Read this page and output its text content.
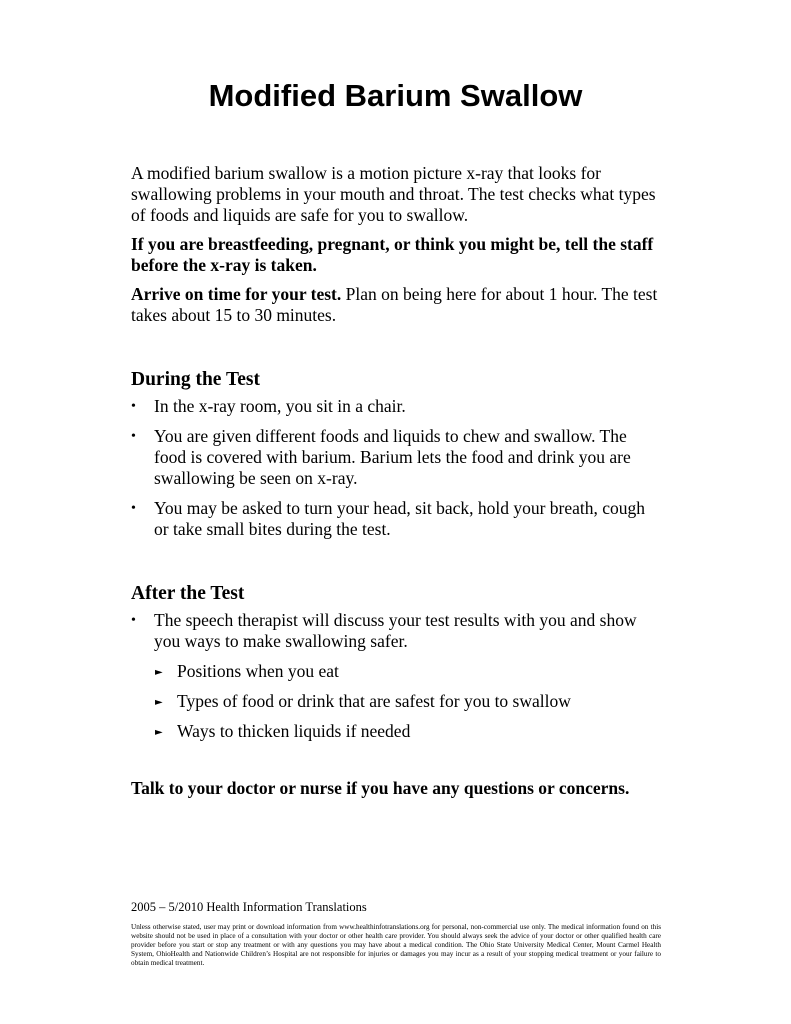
Modified Barium Swallow

A modified barium swallow is a motion picture x-ray that looks for swallowing problems in your mouth and throat. The test checks what types of foods and liquids are safe for you to swallow.

If you are breastfeeding, pregnant, or think you might be, tell the staff before the x-ray is taken.

Arrive on time for your test. Plan on being here for about 1 hour. The test takes about 15 to 30 minutes.

During the Test
• In the x-ray room, you sit in a chair.
• You are given different foods and liquids to chew and swallow. The food is covered with barium. Barium lets the food and drink you are swallowing be seen on x-ray.
• You may be asked to turn your head, sit back, hold your breath, cough or take small bites during the test.
After the Test
• The speech therapist will discuss your test results with you and show you ways to make swallowing safer.
► Positions when you eat
► Types of food or drink that are safest for you to swallow
► Ways to thicken liquids if needed

Talk to your doctor or nurse if you have any questions or concerns.

2005 – 5/2010 Health Information Translations
Unless otherwise stated, user may print or download information from www.healthinfotranslations.org for personal, non-commercial use only. The medical information found on this website should not be used in place of a consultation with your doctor or other health care provider. You should always seek the advice of your doctor or other qualified health care provider before you start or stop any treatment or with any questions you may have about a medical condition. The Ohio State University Medical Center, Mount Carmel Health System, OhioHealth and Nationwide Children’s Hospital are not responsible for injuries or damages you may incur as a result of your stopping medical treatment or your failure to obtain medical treatment.
